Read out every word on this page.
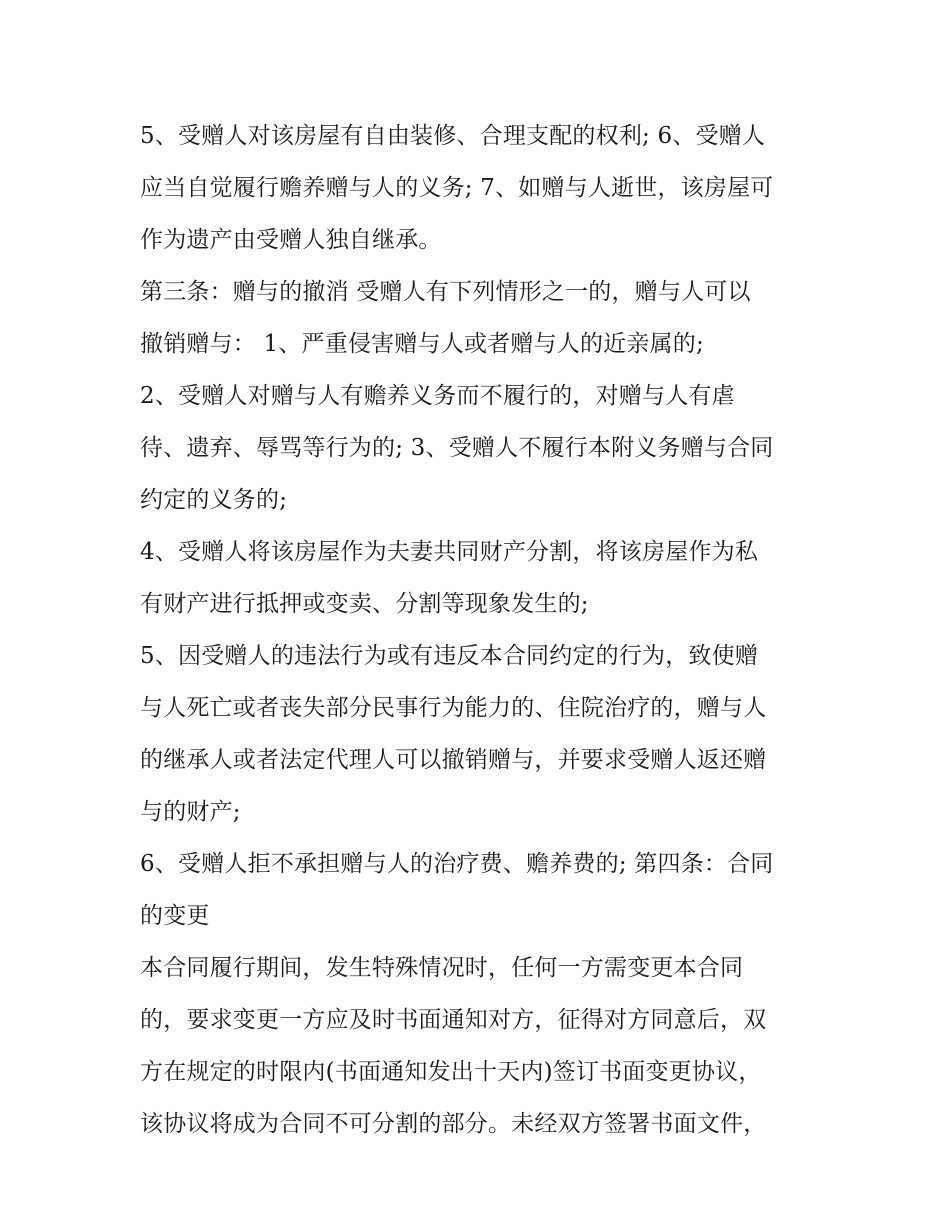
5、受赠人对该房屋有自由装修、合理支配的权利; 6、受赠人
应当自觉履行赡养赠与人的义务; 7、如赠与人逝世，该房屋可
作为遗产由受赠人独自继承。
第三条：赠与的撤消 受赠人有下列情形之一的，赠与人可以
撤销赠与： 1、严重侵害赠与人或者赠与人的近亲属的;
2、受赠人对赠与人有赡养义务而不履行的，对赠与人有虐
待、遗弃、辱骂等行为的; 3、受赠人不履行本附义务赠与合同
约定的义务的;
4、受赠人将该房屋作为夫妻共同财产分割，将该房屋作为私
有财产进行抵押或变卖、分割等现象发生的;
5、因受赠人的违法行为或有违反本合同约定的行为，致使赠
与人死亡或者丧失部分民事行为能力的、住院治疗的，赠与人
的继承人或者法定代理人可以撤销赠与，并要求受赠人返还赠
与的财产;
6、受赠人拒不承担赠与人的治疗费、赡养费的; 第四条：合同
的变更
本合同履行期间，发生特殊情况时，任何一方需变更本合同
的，要求变更一方应及时书面通知对方，征得对方同意后，双
方在规定的时限内(书面通知发出十天内)签订书面变更协议，
该协议将成为合同不可分割的部分。未经双方签署书面文件，
